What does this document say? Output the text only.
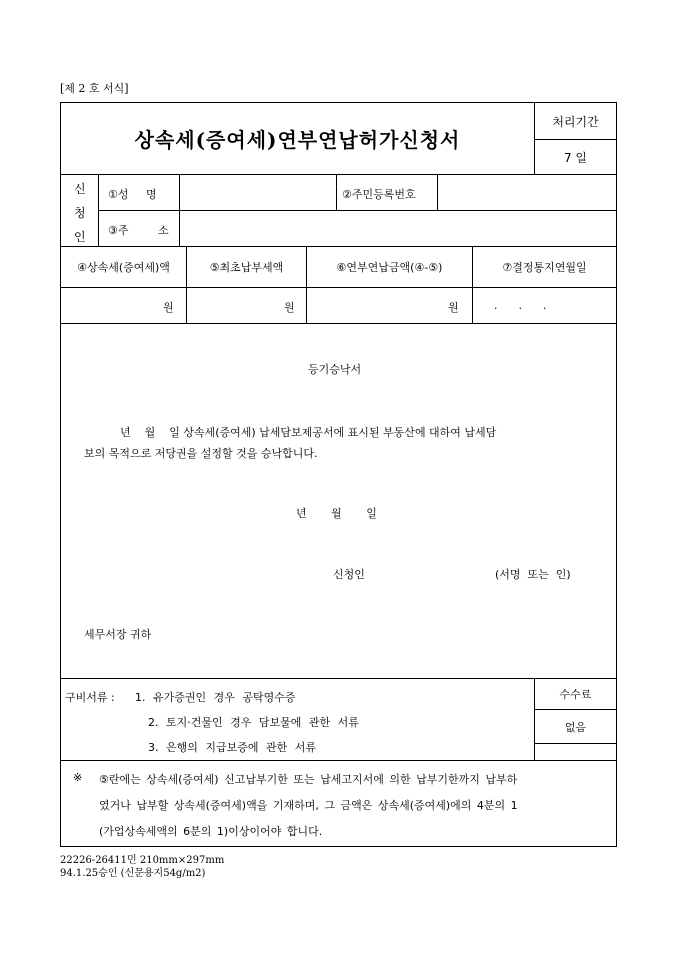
[제 2 호 서식]
상속세(증여세)연부연납허가신청서
처리기간
7 일
신
청
인
①성 명	②주민등록번호
③주 소
④상속세(증여세)액	⑤최초납부세액	⑥연부연납금액(④-⑤)	⑦결정통지연월일
원	원	원	.      .      .
등기승낙서
년    월    일 상속세(증여세) 납세담보제공서에 표시된 부동산에 대하여 납세담
보의 목적으로 저당권을 설정할 것을 승낙합니다.
년       월       일
신청인	(서명  또는  인)
세무서장 귀하
구비서류 : 1. 유가증권인 경우 공탁영수증
2. 토지·건물인 경우 담보물에 관한 서류
3. 은행의 지급보증에 관한 서류
수수료
없음
※ ⑤란에는 상속세(증여세) 신고납부기한 또는 납세고지서에 의한 납부기한까지 납부하
였거나 납부할 상속세(증여세)액을 기재하며, 그 금액은 상속세(증여세)에의 4분의 1
(가업상속세액의 6분의 1)이상이어야 합니다.
22226-26411민 210mm×297mm
94.1.25승인 (신문용지54g/m2)
